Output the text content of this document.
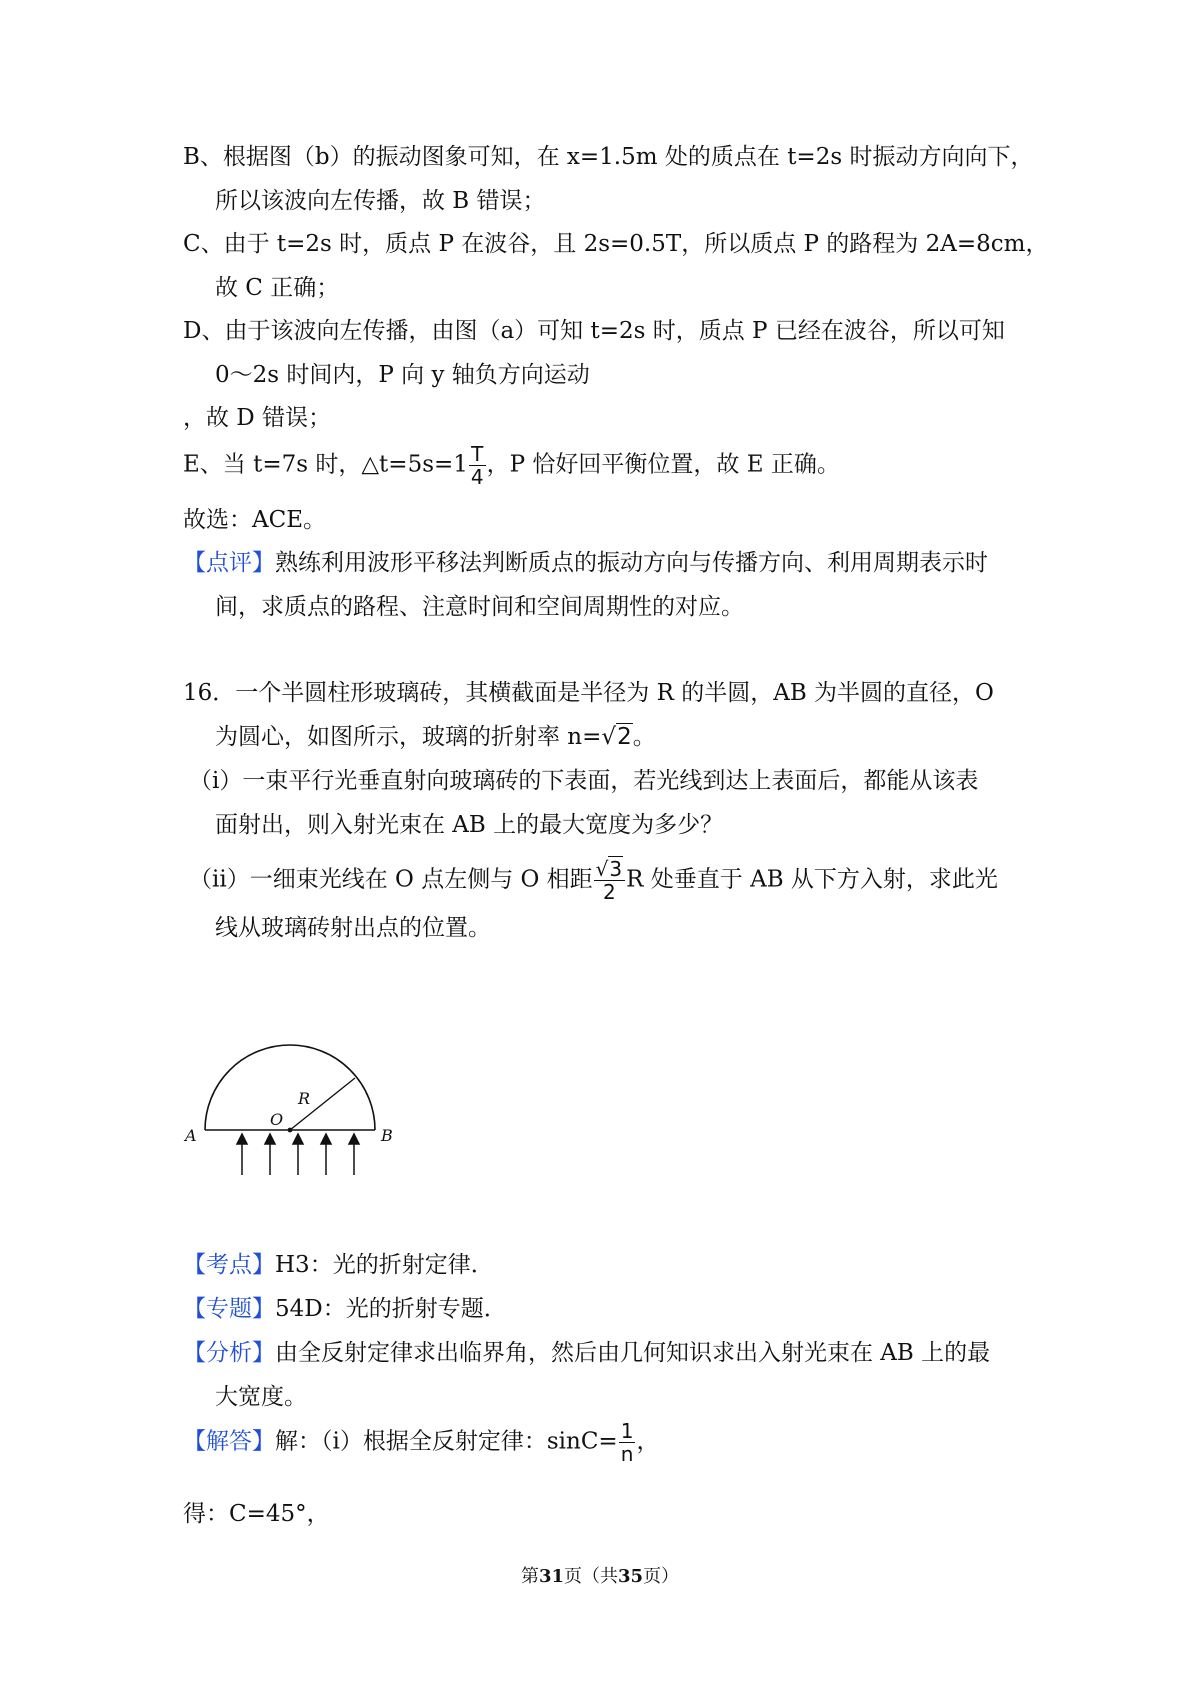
B、根据图（b）的振动图象可知，在 x=1.5m 处的质点在 t=2s 时振动方向向下，
所以该波向左传播，故 B 错误；
C、由于 t=2s 时，质点 P 在波谷，且 2s=0.5T，所以质点 P 的路程为 2A=8cm，
故 C 正确；
D、由于该波向左传播，由图（a）可知 t=2s 时，质点 P 已经在波谷，所以可知
0～2s 时间内，P 向 y 轴负方向运动
，故 D 错误；
E、当 t=7s 时，△t=5s=1 $\frac{T}{4}$ ，P 恰好回平衡位置，故 E 正确。
故选：ACE。
【点评】熟练利用波形平移法判断质点的振动方向与传播方向、利用周期表示时
间，求质点的路程、注意时间和空间周期性的对应。
16．一个半圆柱形玻璃砖，其横截面是半径为 R 的半圆，AB 为半圆的直径，O
为圆心，如图所示，玻璃的折射率 n=√2。
（i）一束平行光垂直射向玻璃砖的下表面，若光线到达上表面后，都能从该表
面射出，则入射光束在 AB 上的最大宽度为多少？
（ii）一细束光线在 O 点左侧与 O 相距 $\frac{√3}{2}$ R 处垂直于 AB 从下方入射，求此光
线从玻璃砖射出点的位置。
A	B
O
R
【考点】H3：光的折射定律．
【专题】54D：光的折射专题．
【分析】由全反射定律求出临界角，然后由几何知识求出入射光束在 AB 上的最
大宽度。
【解答】解：（i）根据全反射定律：$\sin C= \frac{1}{n}$ ，
得：C=45°，
第31页（共35页）
